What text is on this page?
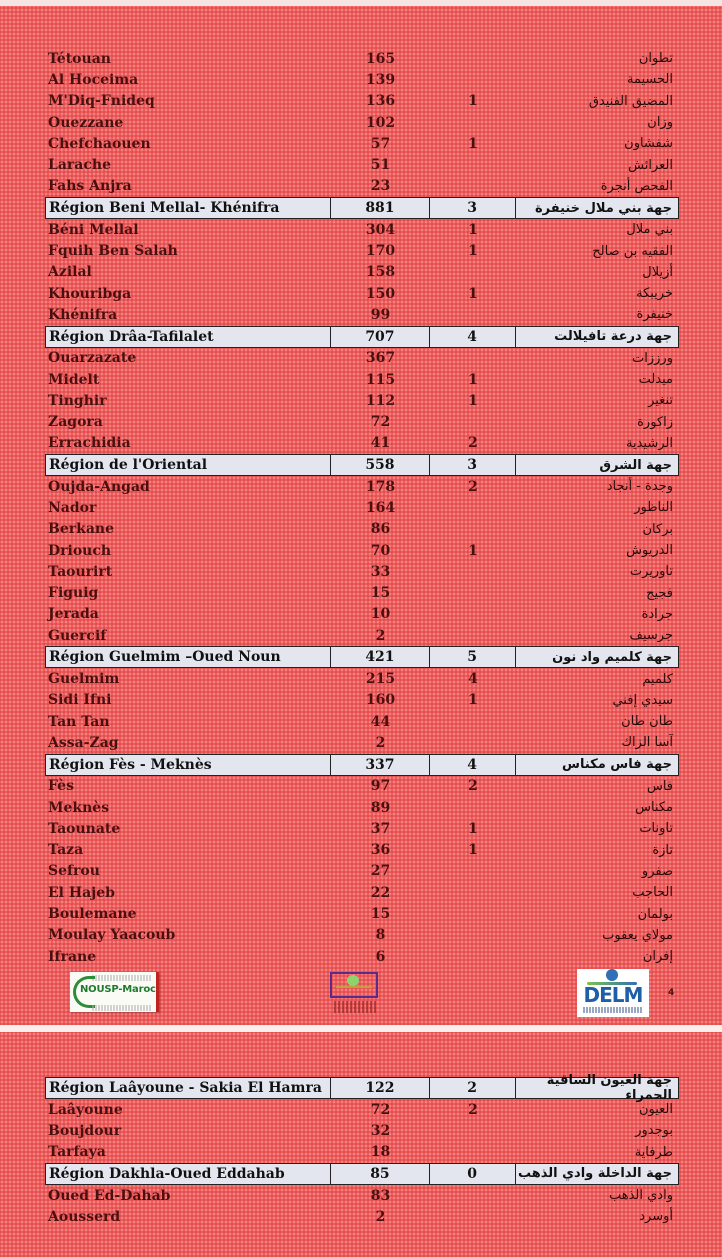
Tétouan	165	تطوان
Al Hoceima	139	الحسيمة
M'Diq-Fnideq	136	1	المضيق الفنيدق
Ouezzane	102	وزان
Chefchaouen	57	1	شفشاون
Larache	51	العرائش
Fahs Anjra	23	الفحص أنجرة
Région Beni Mellal- Khénifra	881	3	جهة بني ملال خنيفرة
Béni Mellal	304	1	بني ملال
Fquih Ben Salah	170	1	الفقيه بن صالح
Azilal	158	أزيلال
Khouribga	150	1	خريبكة
Khénifra	99	خنيفرة
Région Drâa-Tafilalet	707	4	جهة درعة تافيلالت
Ouarzazate	367	ورززات
Midelt	115	1	ميدلت
Tinghir	112	1	تنغير
Zagora	72	زاكورة
Errachidia	41	2	الرشيدية
Région de l'Oriental	558	3	جهة الشرق
Oujda-Angad	178	2	وجدة - أنجاد
Nador	164	الناظور
Berkane	86	بركان
Driouch	70	1	الدريوش
Taourirt	33	تاوريرت
Figuig	15	فجيج
Jerada	10	جرادة
Guercif	2	جرسيف
Région Guelmim –Oued Noun	421	5	جهة كلميم واد نون
Guelmim	215	4	كلميم
Sidi Ifni	160	1	سيدي إفني
Tan Tan	44	طان طان
Assa-Zag	2	آسا الزاك
Région Fès - Meknès	337	4	جهة فاس مكناس
Fès	97	2	فاس
Meknès	89	مكناس
Taounate	37	1	تاونات
Taza	36	1	تازة
Sefrou	27	صفرو
El Hajeb	22	الحاجب
Boulemane	15	بولمان
Moulay Yaacoub	8	مولاي يعقوب
Ifrane	6	إفران
NOUSP-Maroc	DELM	4
Région Laâyoune - Sakia El Hamra	122	2	جهة العيون الساقية الحمراء
Laâyoune	72	2	العيون
Boujdour	32	بوجدور
Tarfaya	18	طرفاية
Région Dakhla-Oued Eddahab	85	0	جهة الداخلة وادي الذهب
Oued Ed-Dahab	83	وادي الذهب
Aousserd	2	أوسرد
